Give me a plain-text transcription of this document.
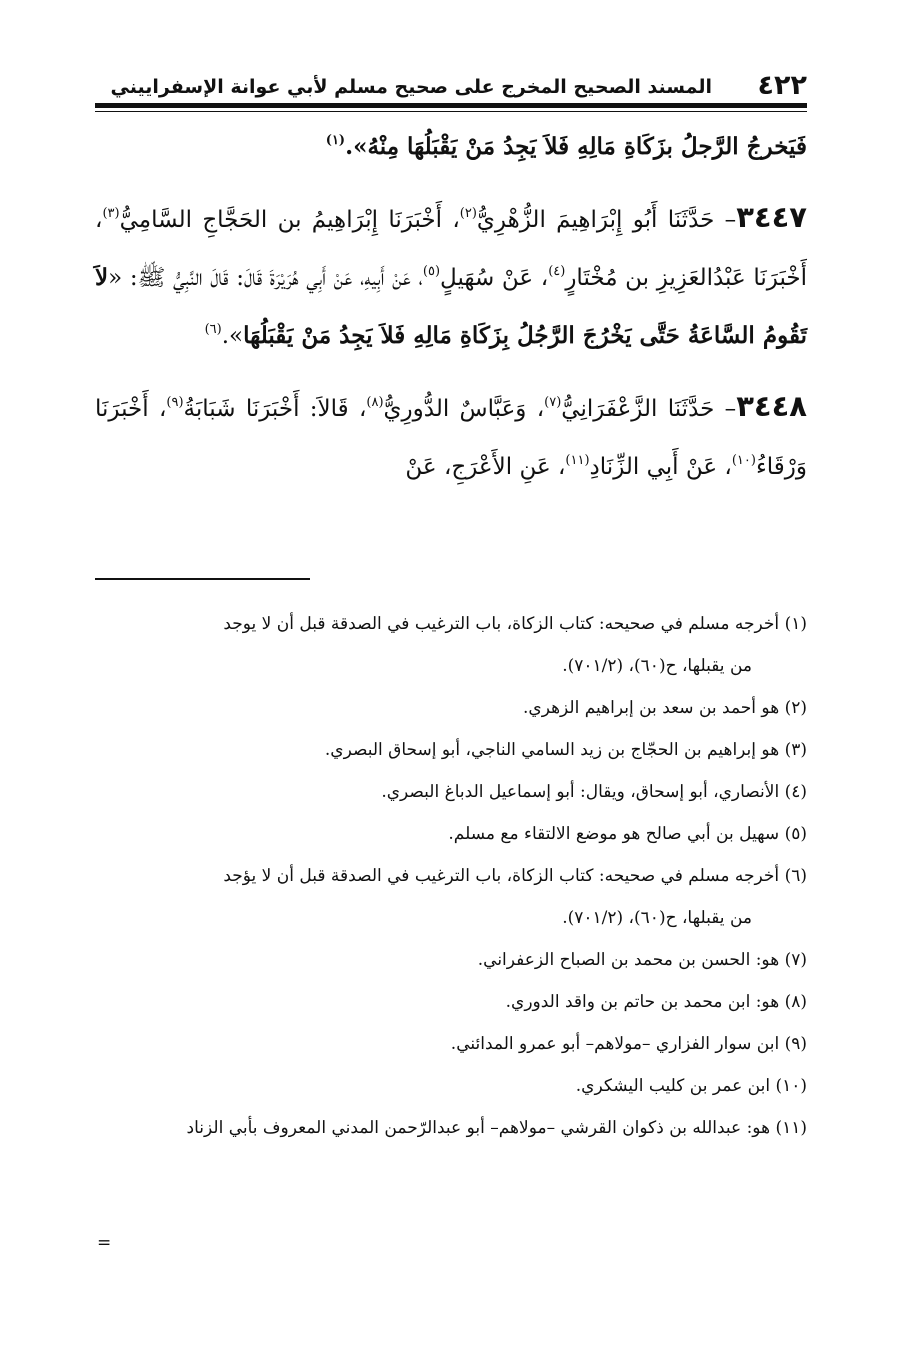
٤٢٢
المسند الصحيح المخرج على صحيح مسلم لأبي عوانة الإسفراييني

فَيَخرجُ الرَّجلُ بزَكَاةِ مَالِهِ فَلاَ يَجِدُ مَنْ يَقْبَلُهَا مِنْهُ».$^{(١)}$

٣٤٤٧– حَدَّثَنَا أَبُو إِبْرَاهِيمَ الزُّهْرِيُّ$^{(٢)}$، أَخْبَرَنَا إِبْرَاهِيمُ بن الحَجَّاجِ السَّامِيُّ$^{(٣)}$، أَخْبَرَنَا عَبْدُالعَزِيزِ بن مُخْتَارٍ$^{(٤)}$، عَنْ سُهَيلٍ$^{(٥)}$، عَنْ أَبِيهِ، عَنْ أَبِي هُرَيْرَةَ قَالَ: قَالَ النَّبِيُّ ﷺ: «لاَ تَقُومُ السَّاعَةُ حَتَّى يَخْرُجَ الرَّجُلُ بِزَكَاةِ مَالِهِ فَلاَ يَجِدُ مَنْ يَقْبَلُهَا».$^{(٦)}$

٣٤٤٨– حَدَّثَنَا الزَّعْفَرَانِيُّ$^{(٧)}$، وَعَبَّاسٌ الدُّورِيُّ$^{(٨)}$، قَالاَ: أَخْبَرَنَا شَبَابَةُ$^{(٩)}$، أَخْبَرَنَا وَرْقَاءُ$^{(١٠)}$، عَنْ أَبِي الزِّنَادِ$^{(١١)}$، عَنِ الأَعْرَجِ، عَنْ

(١) أخرجه مسلم في صحيحه: كتاب الزكاة، باب الترغيب في الصدقة قبل أن لا يوجد

من يقبلها، ح(٦٠)، (٧٠١/٢).

(٢) هو أحمد بن سعد بن إبراهيم الزهري.

(٣) هو إبراهيم بن الحجّاج بن زيد السامي الناجي، أبو إسحاق البصري.

(٤) الأنصاري، أبو إسحاق، ويقال: أبو إسماعيل الدباغ البصري.

(٥) سهيل بن أبي صالح هو موضع الالتقاء مع مسلم.

(٦) أخرجه مسلم في صحيحه: كتاب الزكاة، باب الترغيب في الصدقة قبل أن لا يؤجد

من يقبلها، ح(٦٠)، (٧٠١/٢).

(٧) هو: الحسن بن محمد بن الصباح الزعفراني.

(٨) هو: ابن محمد بن حاتم بن واقد الدوري.

(٩) ابن سوار الفزاري –مولاهم– أبو عمرو المدائني.

(١٠) ابن عمر بن كليب اليشكري.

(١١) هو: عبدالله بن ذكوان القرشي –مولاهم– أبو عبدالرّحمن المدني المعروف بأبي الزناد

=
